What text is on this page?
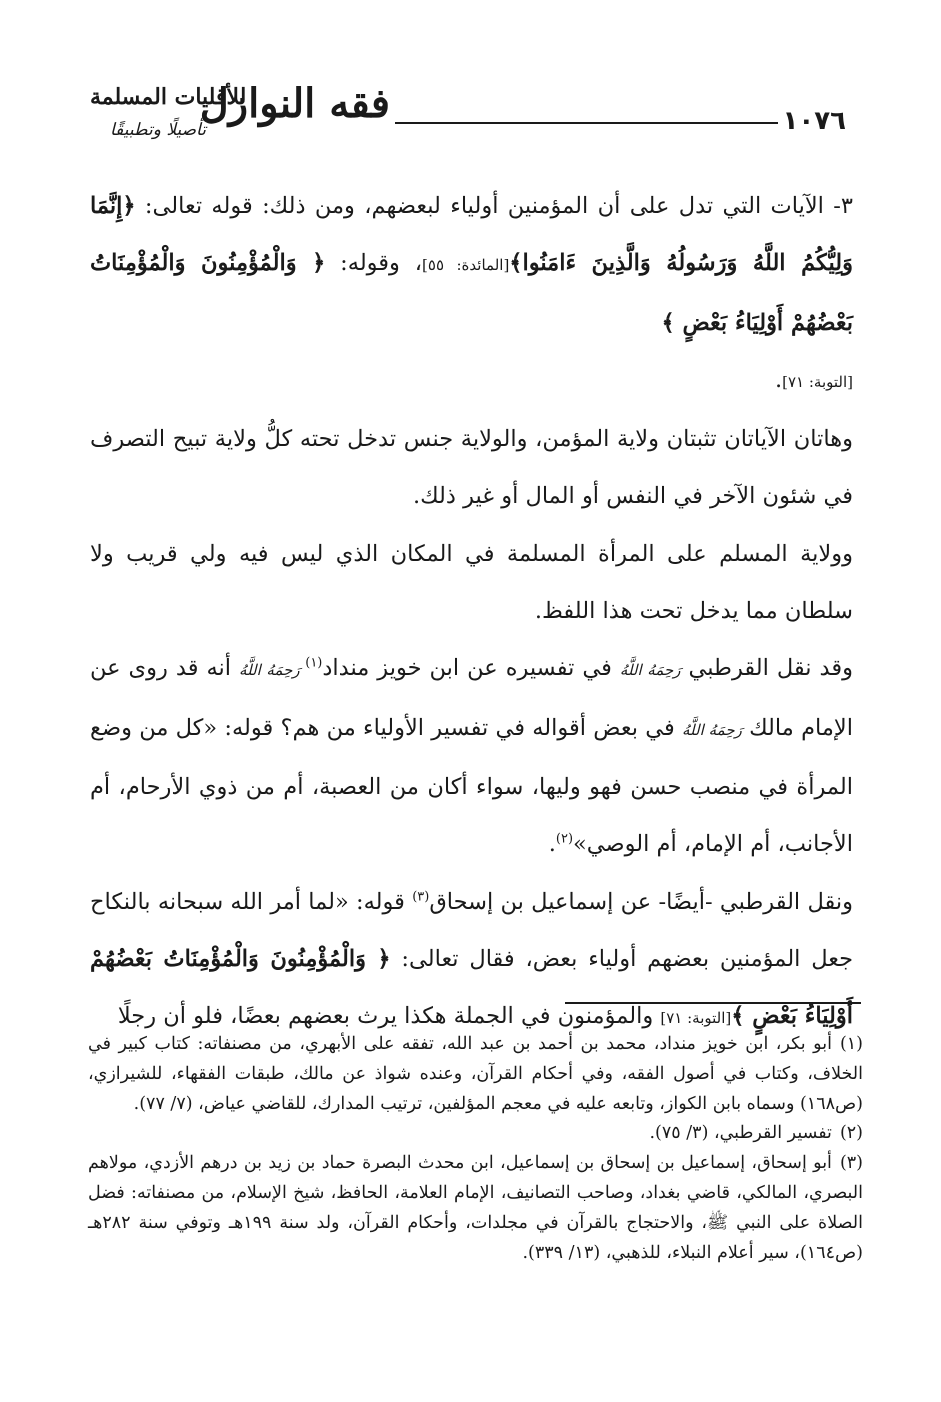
١٠٧٦
فقه النوازل
للأقليات المسلمة
تأصيلًا وتطبيقًا

٣- الآيات التي تدل على أن المؤمنين أولياء لبعضهم، ومن ذلك: قوله تعالى: ﴿إِنَّمَا وَلِيُّكُمُ اللَّهُ وَرَسُولُهُ وَالَّذِينَ ءَامَنُوا﴾[المائدة: ٥٥]، وقوله: ﴿ وَالْمُؤْمِنُونَ وَالْمُؤْمِنَاتُ بَعْضُهُمْ أَوْلِيَاءُ بَعْضٍ ﴾
[التوبة: ٧١].

وهاتان الآياتان تثبتان ولاية المؤمن، والولاية جنس تدخل تحته كلُّ ولاية تبيح التصرف في شئون الآخر في النفس أو المال أو غير ذلك.

وولاية المسلم على المرأة المسلمة في المكان الذي ليس فيه ولي قريب ولا سلطان مما يدخل تحت هذا اللفظ.

وقد نقل القرطبي رَحِمَهُ اللَّهُ في تفسيره عن ابن خويز منداد$^{(١)}$ رَحِمَهُ اللَّهُ أنه قد روى عن الإمام مالك رَحِمَهُ اللَّهُ في بعض أقواله في تفسير الأولياء من هم؟ قوله: «كل من وضع المرأة في منصب حسن فهو وليها، سواء أكان من العصبة، أم من ذوي الأرحام، أم الأجانب، أم الإمام، أم الوصي»$^{(٢)}$.

ونقل القرطبي -أيضًا- عن إسماعيل بن إسحاق$^{(٣)}$ قوله: «لما أمر الله سبحانه بالنكاح جعل المؤمنين بعضهم أولياء بعض، فقال تعالى: ﴿ وَالْمُؤْمِنُونَ وَالْمُؤْمِنَاتُ بَعْضُهُمْ أَوْلِيَاءُ بَعْضٍ ﴾[التوبة: ٧١] والمؤمنون في الجملة هكذا يرث بعضهم بعضًا، فلو أن رجلًا

(١)أبو بكر، ابن خويز منداد، محمد بن أحمد بن عبد الله، تفقه على الأبهري، من مصنفاته: كتاب كبير في الخلاف، وكتاب في أصول الفقه، وفي أحكام القرآن، وعنده شواذ عن مالك، طبقات الفقهاء، للشيرازي، (ص١٦٨) وسماه بابن الكواز، وتابعه عليه في معجم المؤلفين، ترتيب المدارك، للقاضي عياض، (٧/ ٧٧).

(٢)تفسير القرطبي، (٣/ ٧٥).

(٣)أبو إسحاق، إسماعيل بن إسحاق بن إسماعيل، ابن محدث البصرة حماد بن زيد بن درهم الأزدي، مولاهم البصري، المالكي، قاضي بغداد، وصاحب التصانيف، الإمام العلامة، الحافظ، شيخ الإسلام، من مصنفاته: فضل الصلاة على النبي ﷺ، والاحتجاج بالقرآن في مجلدات، وأحكام القرآن، ولد سنة ١٩٩هـ وتوفي سنة ٢٨٢هـ (ص١٦٤)، سير أعلام النبلاء، للذهبي، (١٣/ ٣٣٩).
